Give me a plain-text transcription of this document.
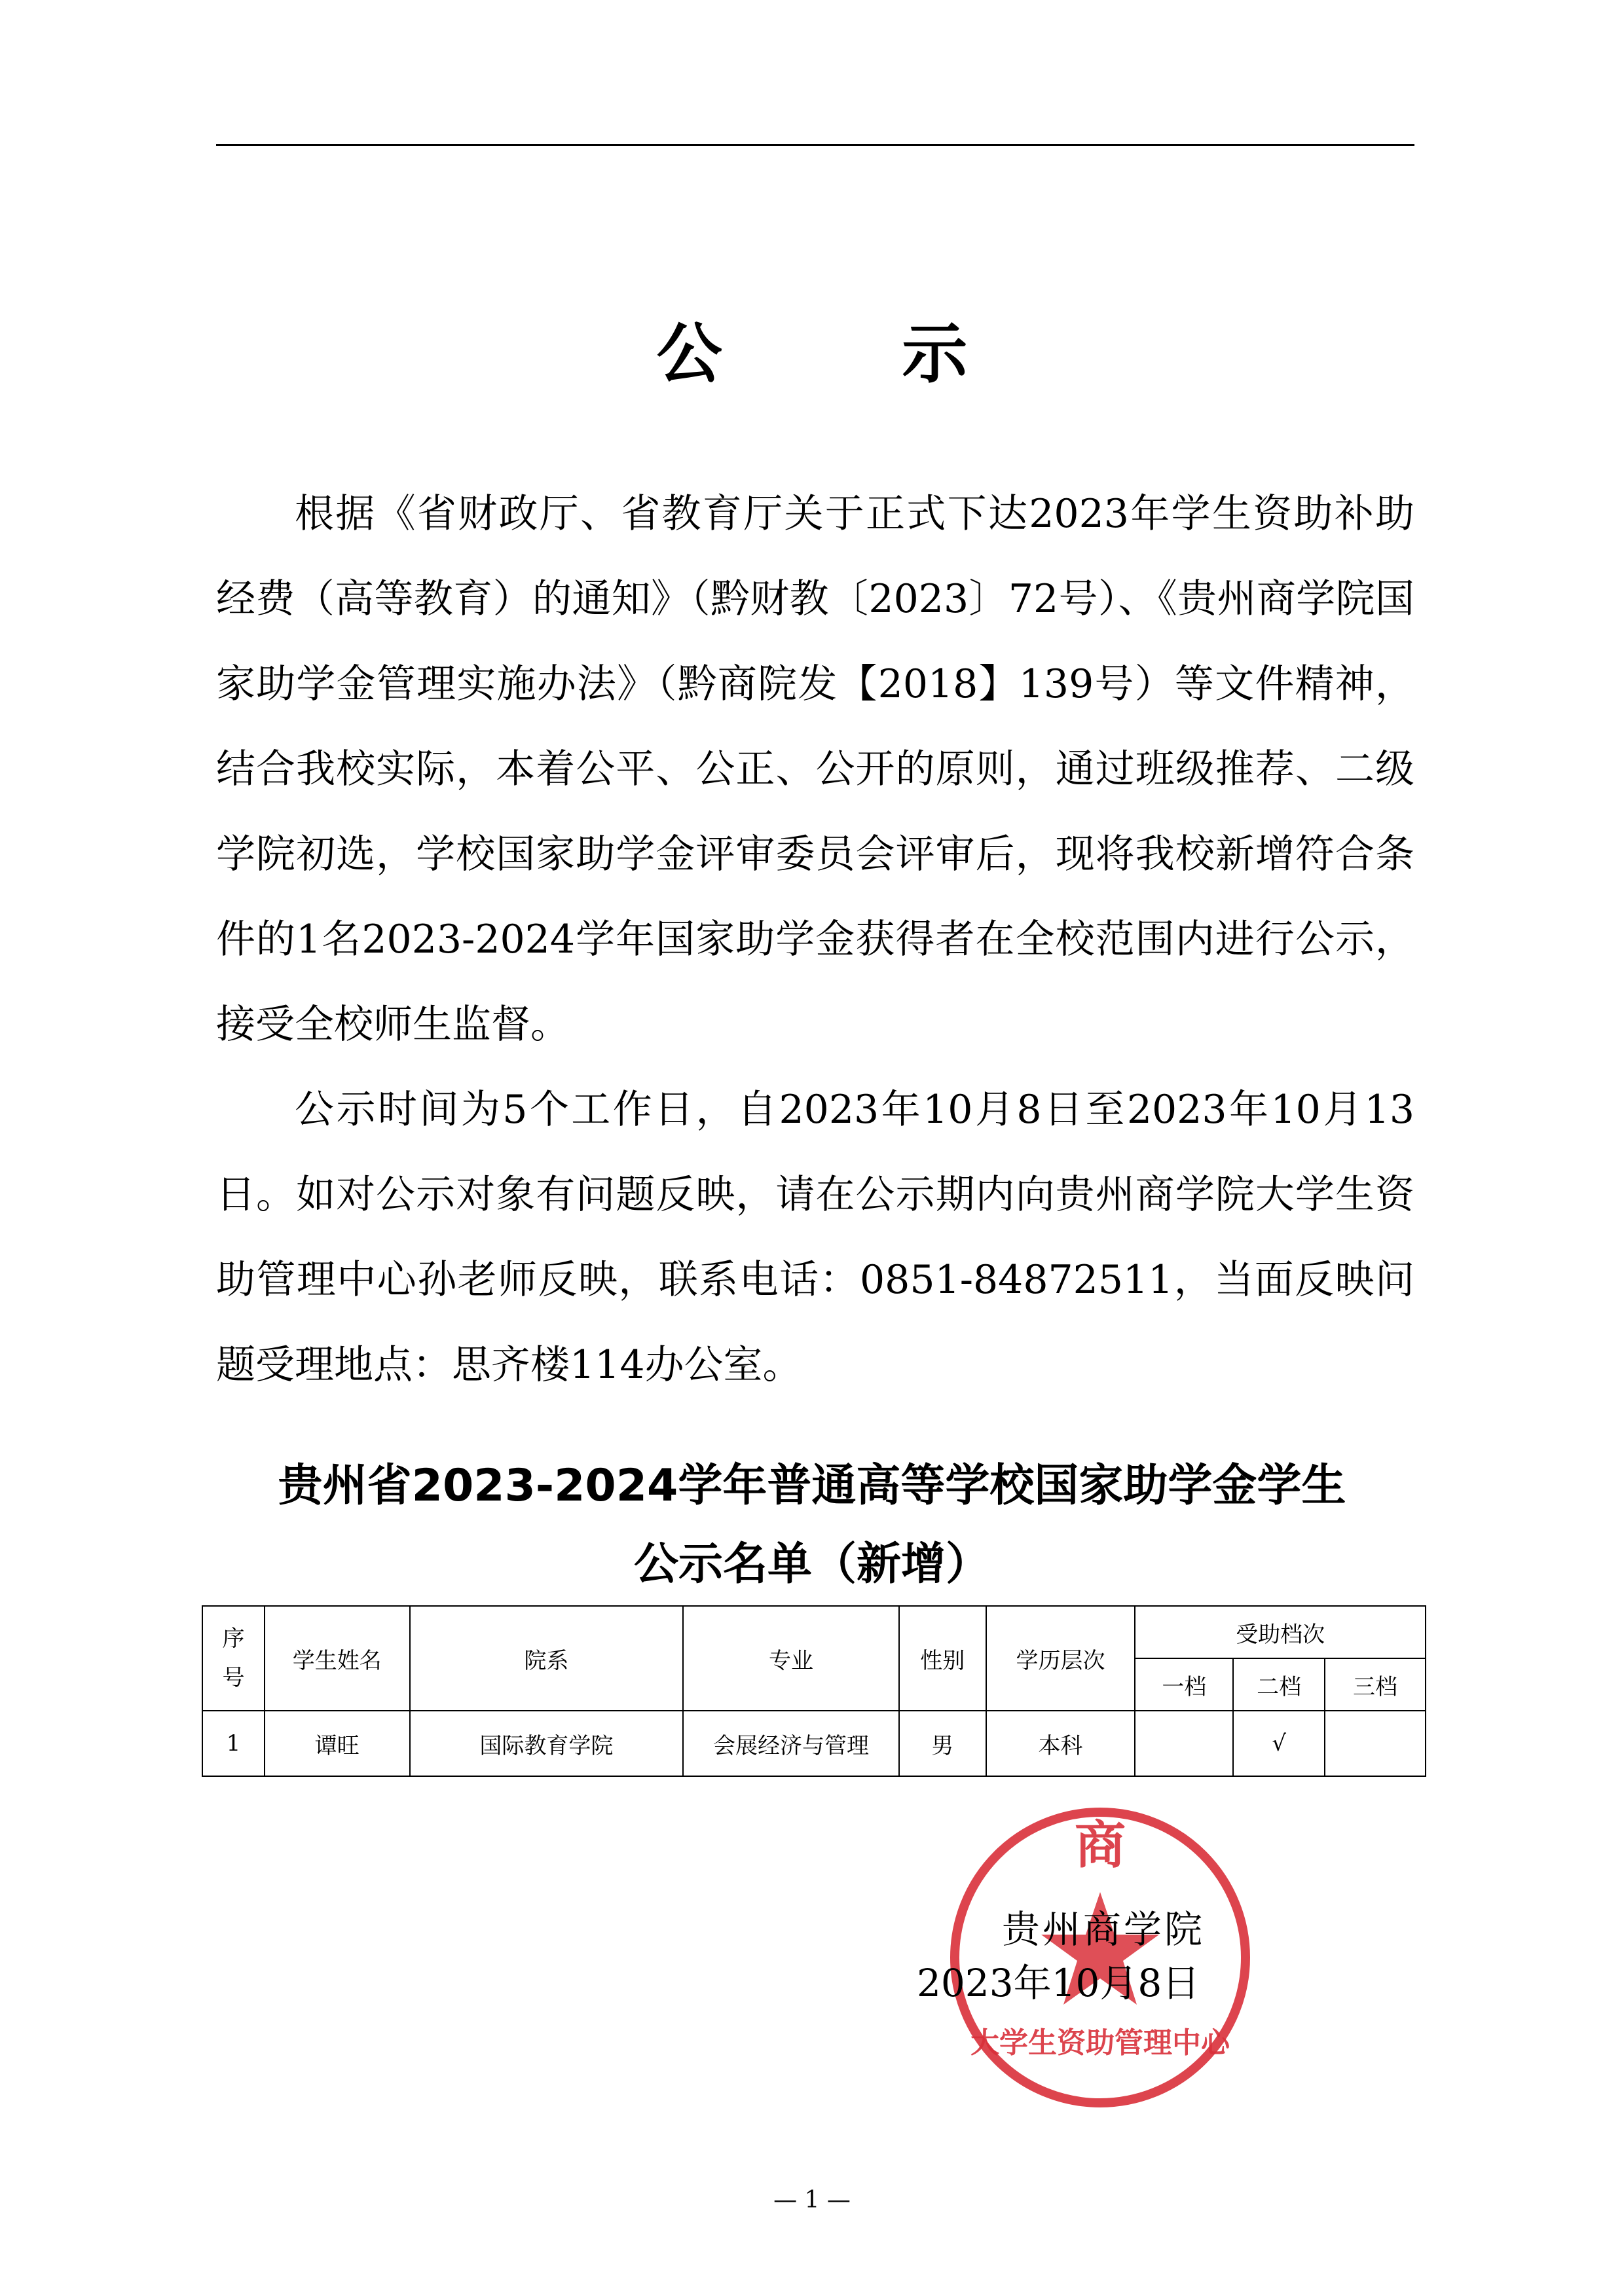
公 示

根据《省财政厅、省教育厅关于正式下达2023年学生资助补助经费（高等教育）的通知》（黔财教〔2023〕72号）、《贵州商学院国家助学金管理实施办法》（黔商院发【2018】139号）等文件精神，结合我校实际，本着公平、公正、公开的原则，通过班级推荐、二级学院初选，学校国家助学金评审委员会评审后，现将我校新增符合条件的1名2023-2024学年国家助学金获得者在全校范围内进行公示，接受全校师生监督。

公示时间为5个工作日，自2023年10月8日至2023年10月13日。如对公示对象有问题反映，请在公示期内向贵州商学院大学生资助管理中心孙老师反映，联系电话：0851-84872511，当面反映问题受理地点：思齐楼114办公室。

贵州省2023-2024学年普通高等学校国家助学金学生
公示名单（新增）
序号	学生姓名	院系	专业	性别	学历层次	受助档次		
						一档	二档	三档
1	谭旺	国际教育学院	会展经济与管理	男	本科		√	
商
大学生资助管理中心
贵州商学院
2023年10月8日
— 1 —
